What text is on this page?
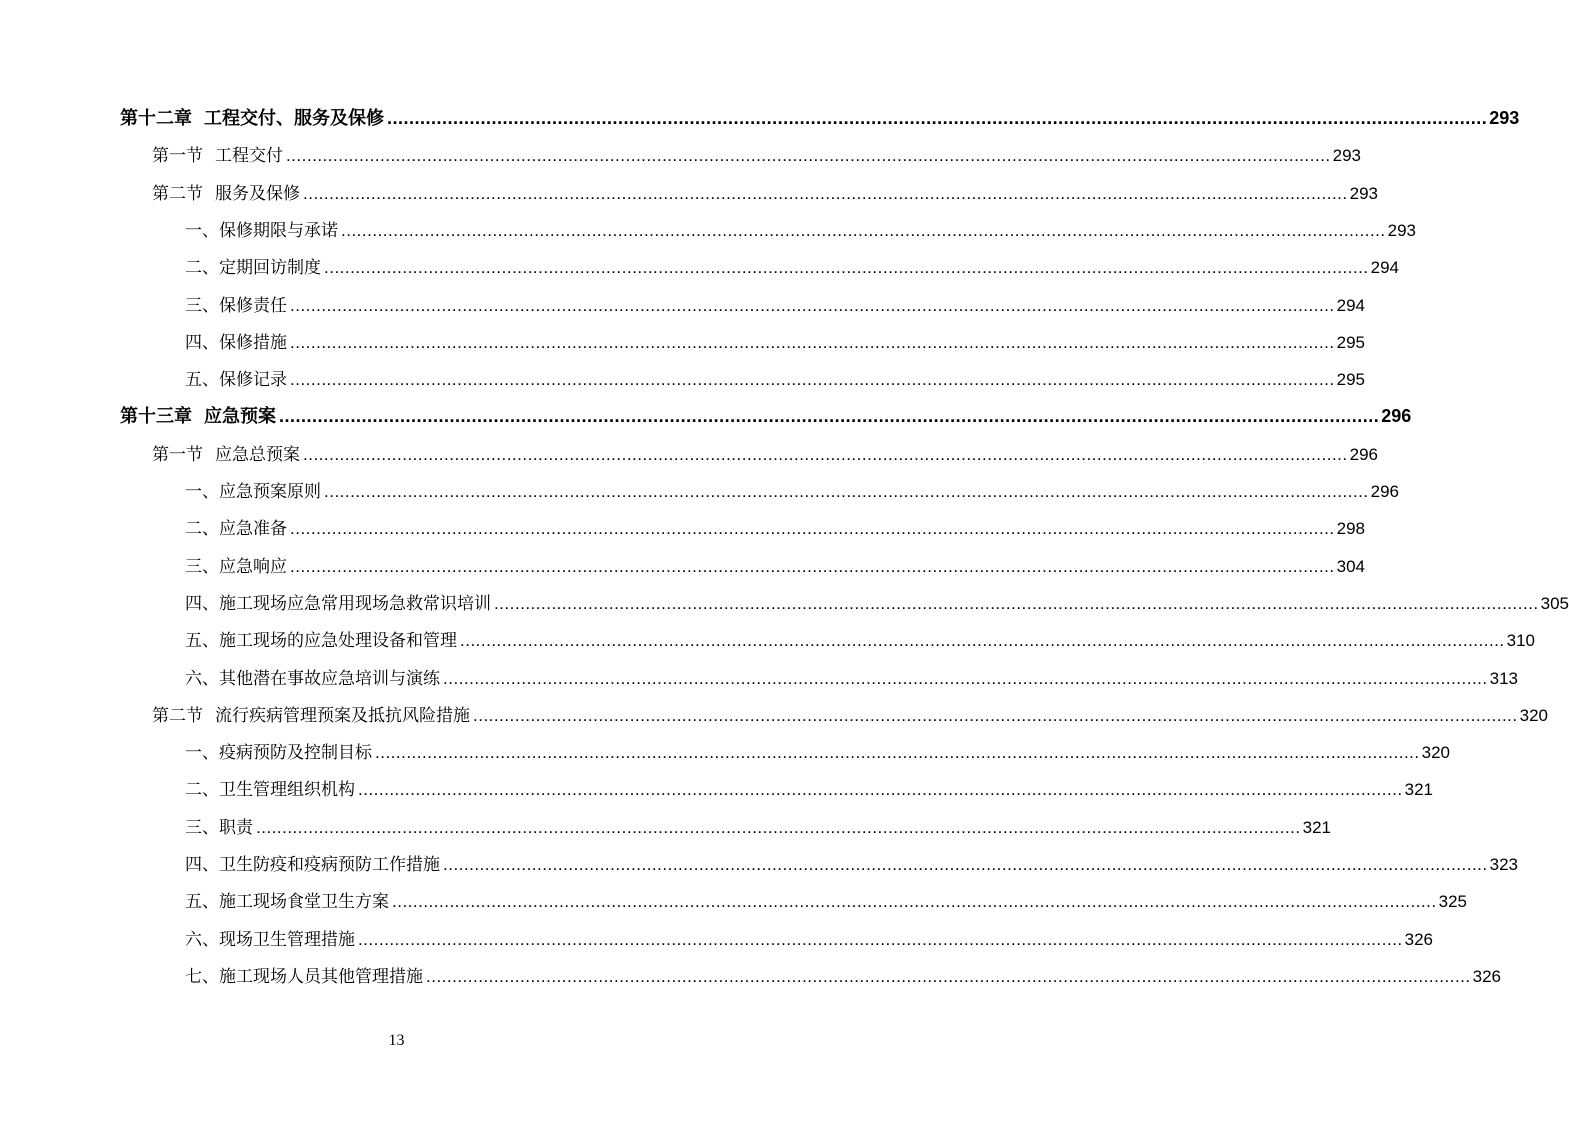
第十二章 工程交付、服务及保修 ........................................................................................................................................................................................................ 293
第一节 工程交付 ........................................................................................................................................................................................................ 293
第二节 服务及保修 ........................................................................................................................................................................................................ 293
一、保修期限与承诺 ........................................................................................................................................................................................................ 293
二、定期回访制度 ........................................................................................................................................................................................................ 294
三、保修责任 ........................................................................................................................................................................................................ 294
四、保修措施 ........................................................................................................................................................................................................ 295
五、保修记录 ........................................................................................................................................................................................................ 295
第十三章 应急预案 ........................................................................................................................................................................................................ 296
第一节 应急总预案 ........................................................................................................................................................................................................ 296
一、应急预案原则 ........................................................................................................................................................................................................ 296
二、应急准备 ........................................................................................................................................................................................................ 298
三、应急响应 ........................................................................................................................................................................................................ 304
四、施工现场应急常用现场急救常识培训 ........................................................................................................................................................................................................ 305
五、施工现场的应急处理设备和管理 ........................................................................................................................................................................................................ 310
六、其他潜在事故应急培训与演练 ........................................................................................................................................................................................................ 313
第二节 流行疾病管理预案及抵抗风险措施 ........................................................................................................................................................................................................ 320
一、疫病预防及控制目标 ........................................................................................................................................................................................................ 320
二、卫生管理组织机构 ........................................................................................................................................................................................................ 321
三、职责 ........................................................................................................................................................................................................ 321
四、卫生防疫和疫病预防工作措施 ........................................................................................................................................................................................................ 323
五、施工现场食堂卫生方案 ........................................................................................................................................................................................................ 325
六、现场卫生管理措施 ........................................................................................................................................................................................................ 326
七、施工现场人员其他管理措施 ........................................................................................................................................................................................................ 326
13
